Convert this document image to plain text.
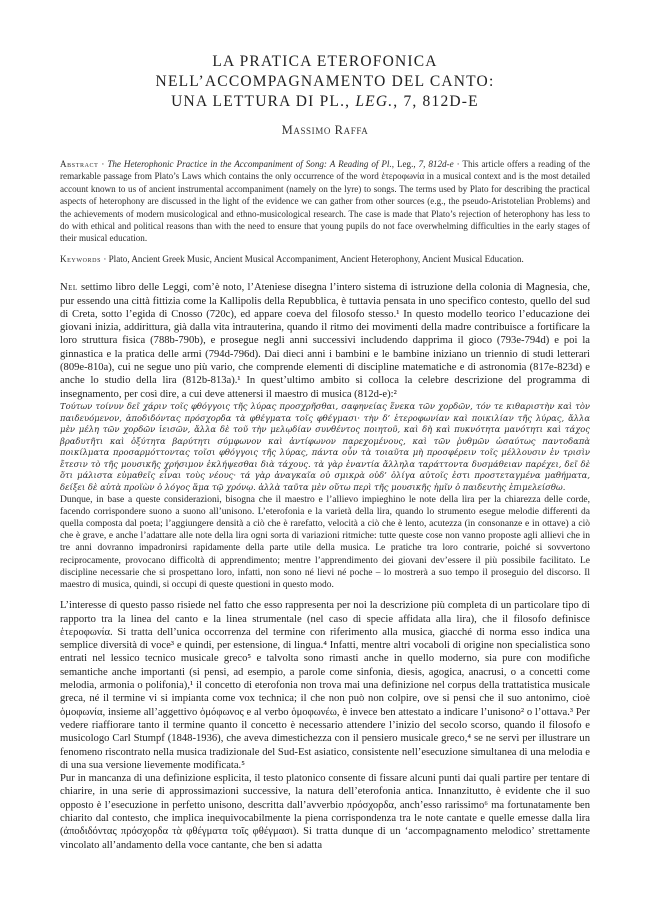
LA PRATICA ETEROFONICA
NELL’ACCOMPAGNAMENTO DEL CANTO:
UNA LETTURA DI PL., LEG., 7, 812D-E
Massimo Raffa
Abstract · The Heterophonic Practice in the Accompaniment of Song: A Reading of Pl., Leg., 7, 812d-e · This article offers a reading of the remarkable passage from Plato’s Laws which contains the only occurrence of the word ἑτεροφωνία in a musical context and is the most detailed account known to us of ancient instrumental accompaniment (namely on the lyre) to songs. The terms used by Plato for describing the practical aspects of heterophony are discussed in the light of the evidence we can gather from other sources (e.g., the pseudo-Aristotelian Problems) and the achievements of modern musicological and ethno-musicological research. The case is made that Plato’s rejection of heterophony has less to do with ethical and political reasons than with the need to ensure that young pupils do not face overwhelming difficulties in the early stages of their musical education.
Keywords · Plato, Ancient Greek Music, Ancient Musical Accompaniment, Ancient Heterophony, Ancient Musical Education.

Nel settimo libro delle Leggi, com’è noto, l’Ateniese disegna l’intero sistema di istruzione della colonia di Magnesia, che, pur essendo una città fittizia come la Kallipolis della Repubblica, è tuttavia pensata in uno specifico contesto, quello del sud di Creta, sotto l’egida di Cnosso (720c), ed appare coeva del filosofo stesso.¹ In questo modello teorico l’educazione dei giovani inizia, addirittura, già dalla vita intrauterina, quando il ritmo dei movimenti della madre contribuisce a fortificare la loro struttura fisica (788b-790b), e prosegue negli anni successivi includendo dapprima il gioco (793e-794d) e poi la ginnastica e la pratica delle armi (794d-796d). Dai dieci anni i bambini e le bambine iniziano un triennio di studi letterari (809e-810a), cui ne segue uno più vario, che comprende elementi di discipline matematiche e di astronomia (817e-823d) e anche lo studio della lira (812b-813a).¹ In quest’ultimo ambito si colloca la celebre descrizione del programma di insegnamento, per così dire, a cui deve attenersi il maestro di musica (812d-e):²

Τούτων τοίνυν δεῖ χάριν τοῖς φθόγγοις τῆς λύρας προσχρῆσθαι, σαφηνείας ἕνεκα τῶν χορδῶν, τόν τε κιθαριστὴν καὶ τὸν παιδευόμενον, ἀποδιδόντας πρόσχορδα τὰ φθέγματα τοῖς φθέγμασι· τὴν δ’ ἑτεροφωνίαν καὶ ποικιλίαν τῆς λύρας, ἄλλα μὲν μέλη τῶν χορδῶν ἱεισῶν, ἄλλα δὲ τοῦ τὴν μελῳδίαν συνθέντος ποιητοῦ, καὶ δὴ καὶ πυκνότητα μανότητι καὶ τάχος βραδυτῆτι καὶ ὀξύτητα βαρύτητι σύμφωνον καὶ ἀντίφωνον παρεχομένους, καὶ τῶν ῥυθμῶν ὡσαύτως παντοδαπὰ ποικίλματα προσαρμόττοντας τοῖσι φθόγγοις τῆς λύρας, πάντα οὖν τὰ τοιαῦτα μὴ προσφέρειν τοῖς μέλλουσιν ἐν τρισὶν ἔτεσιν τὸ τῆς μουσικῆς χρήσιμον ἐκλήψεσθαι διὰ τάχους. τὰ γὰρ ἐναντία ἄλληλα ταράττοντα δυσμάθειαν παρέχει, δεῖ δὲ ὅτι μάλιστα εὐμαθεῖς εἶναι τοὺς νέους· τά γὰρ ἀναγκαῖα οὐ σμικρὰ οὐδ’ ὀλίγα αὐτοῖς ἐστι προστεταγμένα μαθήματα, δείξει δὲ αὐτὰ προϊὼν ὁ λόγος ἅμα τῷ χρόνῳ. ἀλλὰ ταῦτα μὲν οὕτω περὶ τῆς μουσικῆς ἡμῖν ὁ παιδευτὴς ἐπιμελείσθω.

Dunque, in base a queste considerazioni, bisogna che il maestro e l’allievo impieghino le note della lira per la chiarezza delle corde, facendo corrispondere suono a suono all’unisono. L’eterofonia e la varietà della lira, quando lo strumento esegue melodie differenti da quella composta dal poeta; l’aggiungere densità a ciò che è rarefatto, velocità a ciò che è lento, acutezza (in consonanze e in ottave) a ciò che è grave, e anche l’adattare alle note della lira ogni sorta di variazioni ritmiche: tutte queste cose non vanno proposte agli allievi che in tre anni dovranno impadronirsi rapidamente della parte utile della musica. Le pratiche tra loro contrarie, poiché si sovvertono reciprocamente, provocano difficoltà di apprendimento; mentre l’apprendimento dei giovani dev’essere il più possibile facilitato. Le discipline necessarie che si prospettano loro, infatti, non sono né lievi né poche – lo mostrerà a suo tempo il proseguio del discorso. Il maestro di musica, quindi, si occupi di queste questioni in questo modo.

L’interesse di questo passo risiede nel fatto che esso rappresenta per noi la descrizione più completa di un particolare tipo di rapporto tra la linea del canto e la linea strumentale (nel caso di specie affidata alla lira), che il filosofo definisce ἑτεροφωνία. Si tratta dell’unica occorrenza del termine con riferimento alla musica, giacché di norma esso indica una semplice diversità di voce³ e quindi, per estensione, di lingua.⁴ Infatti, mentre altri vocaboli di origine non specialistica sono entrati nel lessico tecnico musicale greco⁵ e talvolta sono rimasti anche in quello moderno, sia pure con modifiche semantiche anche importanti (si pensi, ad esempio, a parole come sinfonia, diesis, agogica, anacrusi, o a concetti come melodia, armonia o polifonia),¹ il concetto di eterofonia non trova mai una definizione nel corpus della trattatistica musicale greca, né il termine vi si impianta come vox technica; il che non può non colpire, ove si pensi che il suo antonimo, cioè ὁμοφωνία, insieme all’aggettivo ὁμόφωνος e al verbo ὁμοφωνέω, è invece ben attestato a indicare l’unisono² o l’ottava.³ Per vedere riaffiorare tanto il termine quanto il concetto è necessario attendere l’inizio del secolo scorso, quando il filosofo e musicologo Carl Stumpf (1848-1936), che aveva dimestichezza con il pensiero musicale greco,⁴ se ne servì per illustrare un fenomeno riscontrato nella musica tradizionale del Sud-Est asiatico, consistente nell’esecuzione simultanea di una melodia e di una sua versione lievemente modificata.⁵

Pur in mancanza di una definizione esplicita, il testo platonico consente di fissare alcuni punti dai quali partire per tentare di chiarire, in una serie di approssimazioni successive, la natura dell’eterofonia antica. Innanzitutto, è evidente che il suo opposto è l’esecuzione in perfetto unisono, descritta dall’avverbio πρόσχορδα, anch’esso rarissimo⁶ ma fortunatamente ben chiarito dal contesto, che implica inequivocabilmente la piena corrispondenza tra le note cantate e quelle emesse dalla lira (ἀποδιδόντας πρόσχορδα τὰ φθέγματα τοῖς φθέγμασι). Si tratta dunque di un ‘accompagnamento melodico’ strettamente vincolato all’andamento della voce cantante, che ben si adatta
